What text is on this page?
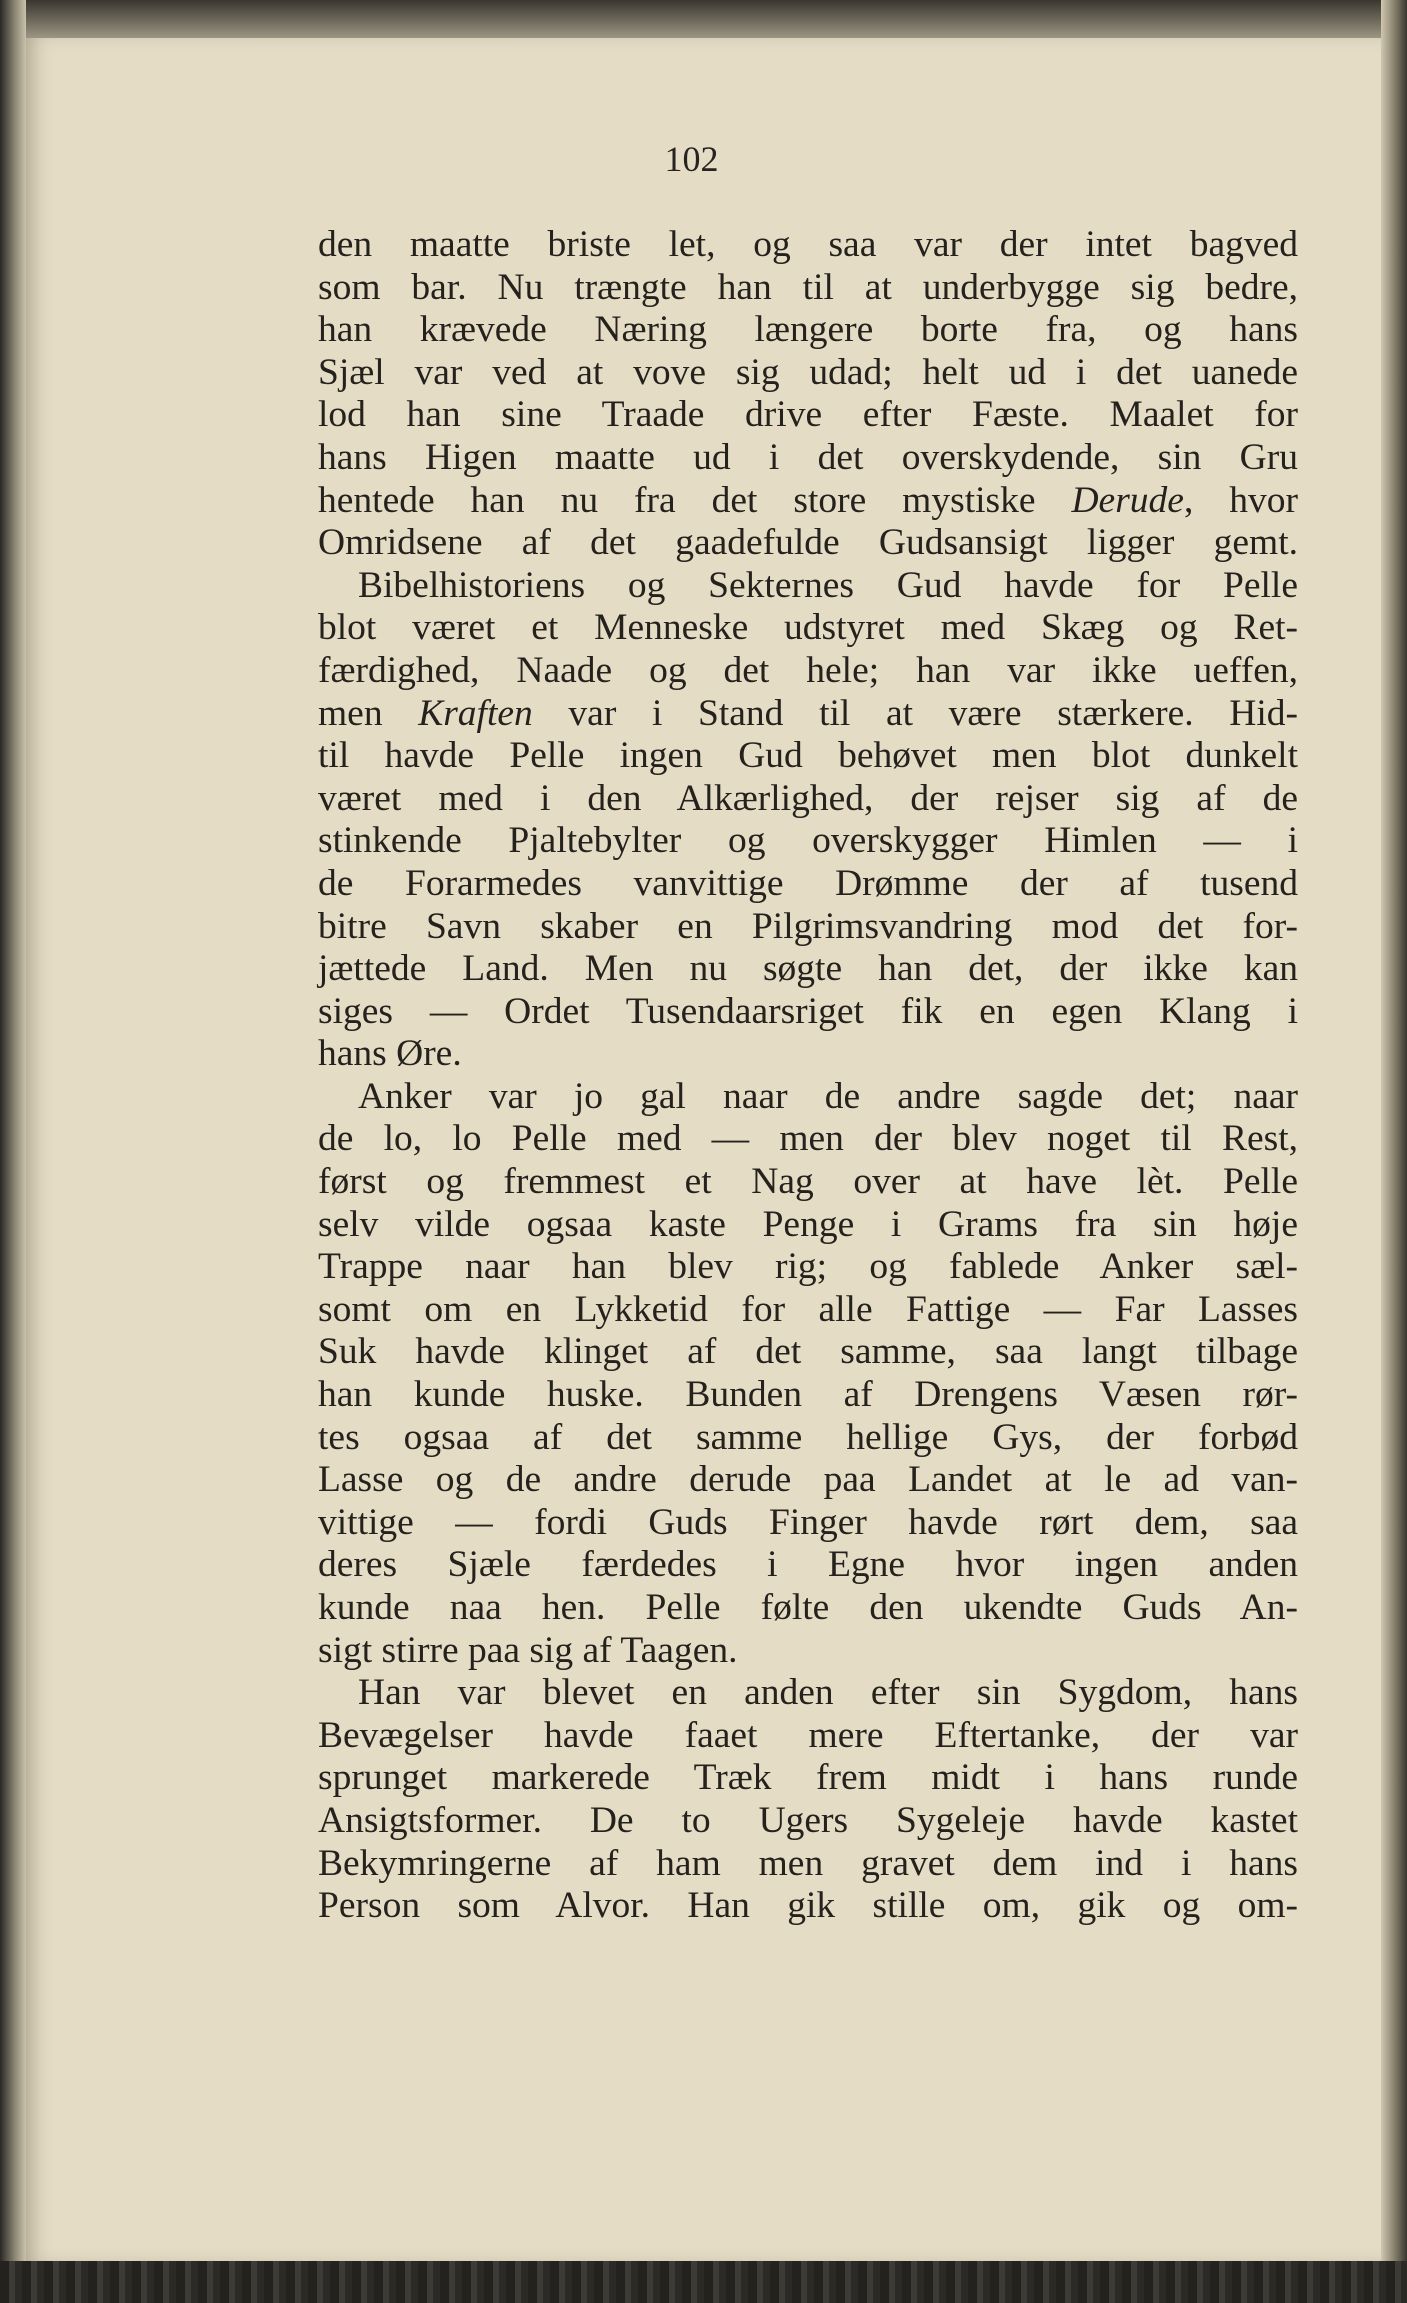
102
den maatte briste let, og saa var der intet bagved
som bar. Nu trængte han til at underbygge sig bedre,
han krævede Næring længere borte fra, og hans
Sjæl var ved at vove sig udad; helt ud i det uanede
lod han sine Traade drive efter Fæste. Maalet for
hans Higen maatte ud i det overskydende, sin Gru
hentede han nu fra det store mystiske Derude, hvor
Omridsene af det gaadefulde Gudsansigt ligger gemt.
Bibelhistoriens og Sekternes Gud havde for Pelle
blot været et Menneske udstyret med Skæg og Ret-
færdighed, Naade og det hele; han var ikke ueffen,
men Kraften var i Stand til at være stærkere. Hid-
til havde Pelle ingen Gud behøvet men blot dunkelt
været med i den Alkærlighed, der rejser sig af de
stinkende Pjaltebylter og overskygger Himlen — i
de Forarmedes vanvittige Drømme der af tusend
bitre Savn skaber en Pilgrimsvandring mod det for-
jættede Land. Men nu søgte han det, der ikke kan
siges — Ordet Tusendaarsriget fik en egen Klang i
hans Øre.
Anker var jo gal naar de andre sagde det; naar
de lo, lo Pelle med — men der blev noget til Rest,
først og fremmest et Nag over at have lèt. Pelle
selv vilde ogsaa kaste Penge i Grams fra sin høje
Trappe naar han blev rig; og fablede Anker sæl-
somt om en Lykketid for alle Fattige — Far Lasses
Suk havde klinget af det samme, saa langt tilbage
han kunde huske. Bunden af Drengens Væsen rør-
tes ogsaa af det samme hellige Gys, der forbød
Lasse og de andre derude paa Landet at le ad van-
vittige — fordi Guds Finger havde rørt dem, saa
deres Sjæle færdedes i Egne hvor ingen anden
kunde naa hen. Pelle følte den ukendte Guds An-
sigt stirre paa sig af Taagen.
Han var blevet en anden efter sin Sygdom, hans
Bevægelser havde faaet mere Eftertanke, der var
sprunget markerede Træk frem midt i hans runde
Ansigtsformer. De to Ugers Sygeleje havde kastet
Bekymringerne af ham men gravet dem ind i hans
Person som Alvor. Han gik stille om, gik og om-
